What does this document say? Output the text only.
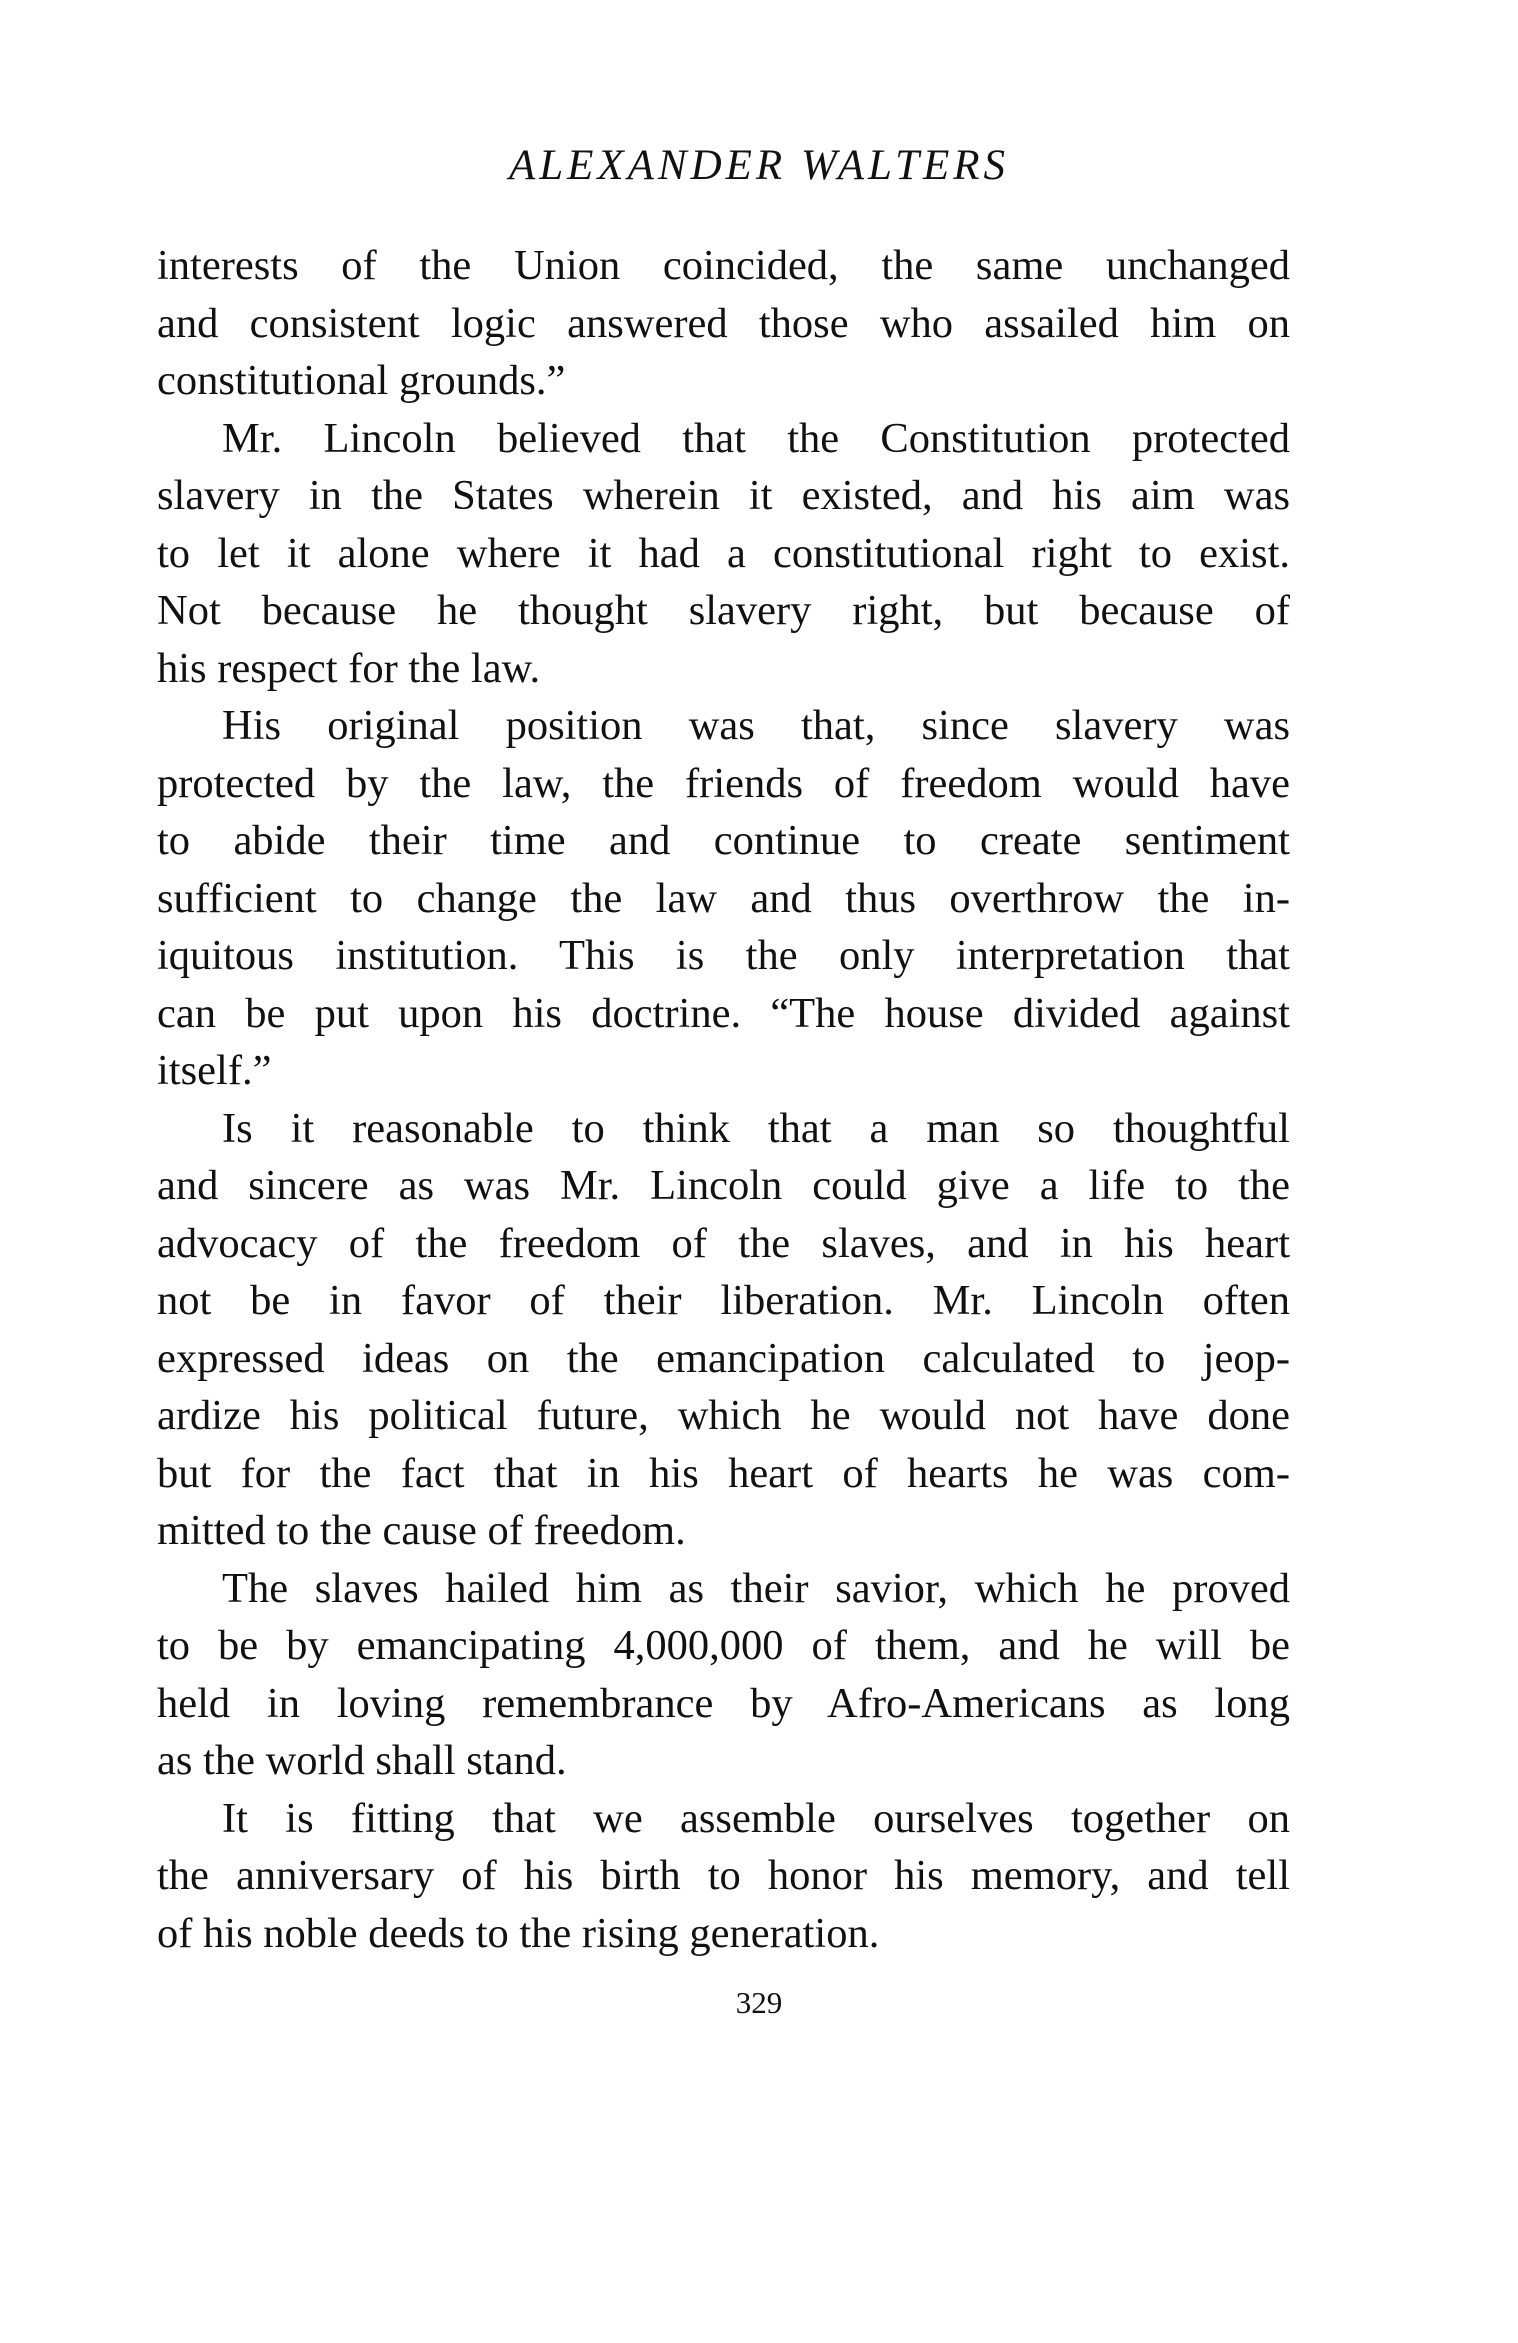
ALEXANDER WALTERS

interests of the Union coincided, the same unchanged
and consistent logic answered those who assailed him on
constitutional grounds.”

Mr. Lincoln believed that the Constitution protected
slavery in the States wherein it existed, and his aim was
to let it alone where it had a constitutional right to exist.
Not because he thought slavery right, but because of
his respect for the law.

His original position was that, since slavery was
protected by the law, the friends of freedom would have
to abide their time and continue to create sentiment
sufficient to change the law and thus overthrow the in-
iquitous institution. This is the only interpretation that
can be put upon his doctrine. “The house divided against
itself.”

Is it reasonable to think that a man so thoughtful
and sincere as was Mr. Lincoln could give a life to the
advocacy of the freedom of the slaves, and in his heart
not be in favor of their liberation. Mr. Lincoln often
expressed ideas on the emancipation calculated to jeop-
ardize his political future, which he would not have done
but for the fact that in his heart of hearts he was com-
mitted to the cause of freedom.

The slaves hailed him as their savior, which he proved
to be by emancipating 4,000,000 of them, and he will be
held in loving remembrance by Afro-Americans as long
as the world shall stand.

It is fitting that we assemble ourselves together on
the anniversary of his birth to honor his memory, and tell
of his noble deeds to the rising generation.

329
